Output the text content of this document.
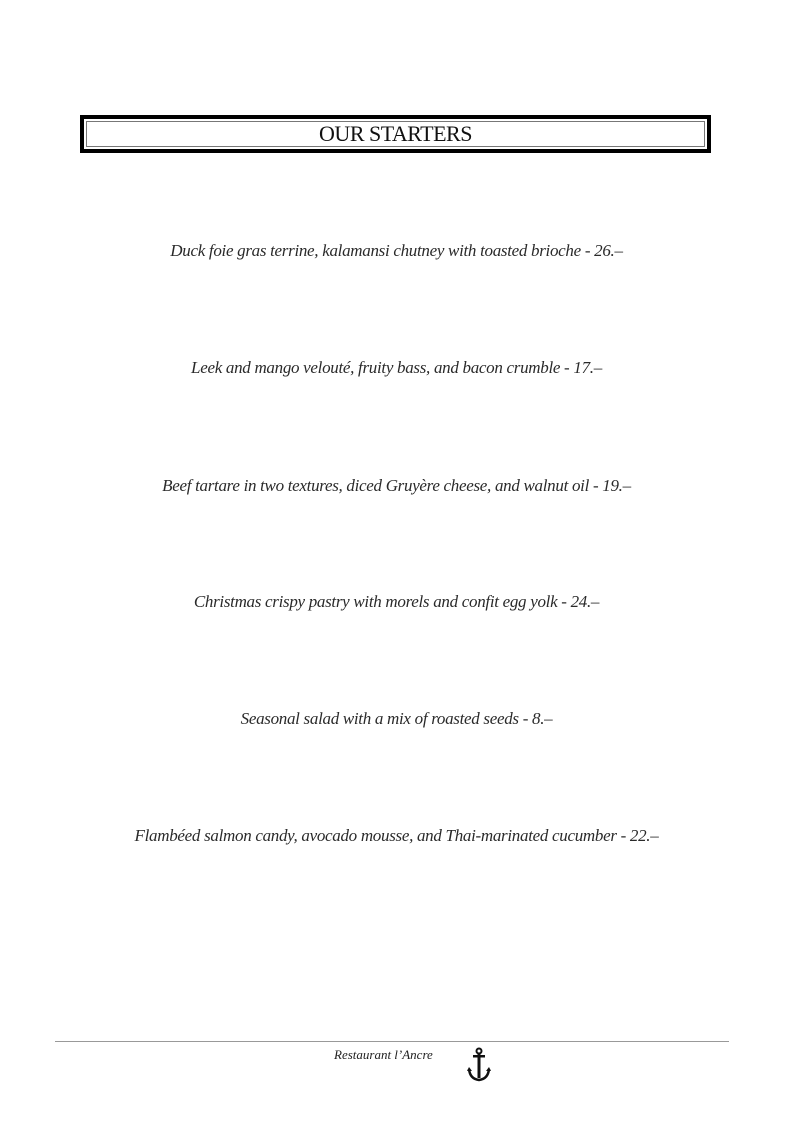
OUR STARTERS
Duck foie gras terrine, kalamansi chutney with toasted brioche - 26.–
Leek and mango velouté, fruity bass, and bacon crumble - 17.–
Beef tartare in two textures, diced Gruyère cheese, and walnut oil - 19.–
Christmas crispy pastry with morels and confit egg yolk - 24.–
Seasonal salad with a mix of roasted seeds - 8.–
Flambéed salmon candy, avocado mousse, and Thai-marinated cucumber - 22.–
Restaurant l’Ancre
